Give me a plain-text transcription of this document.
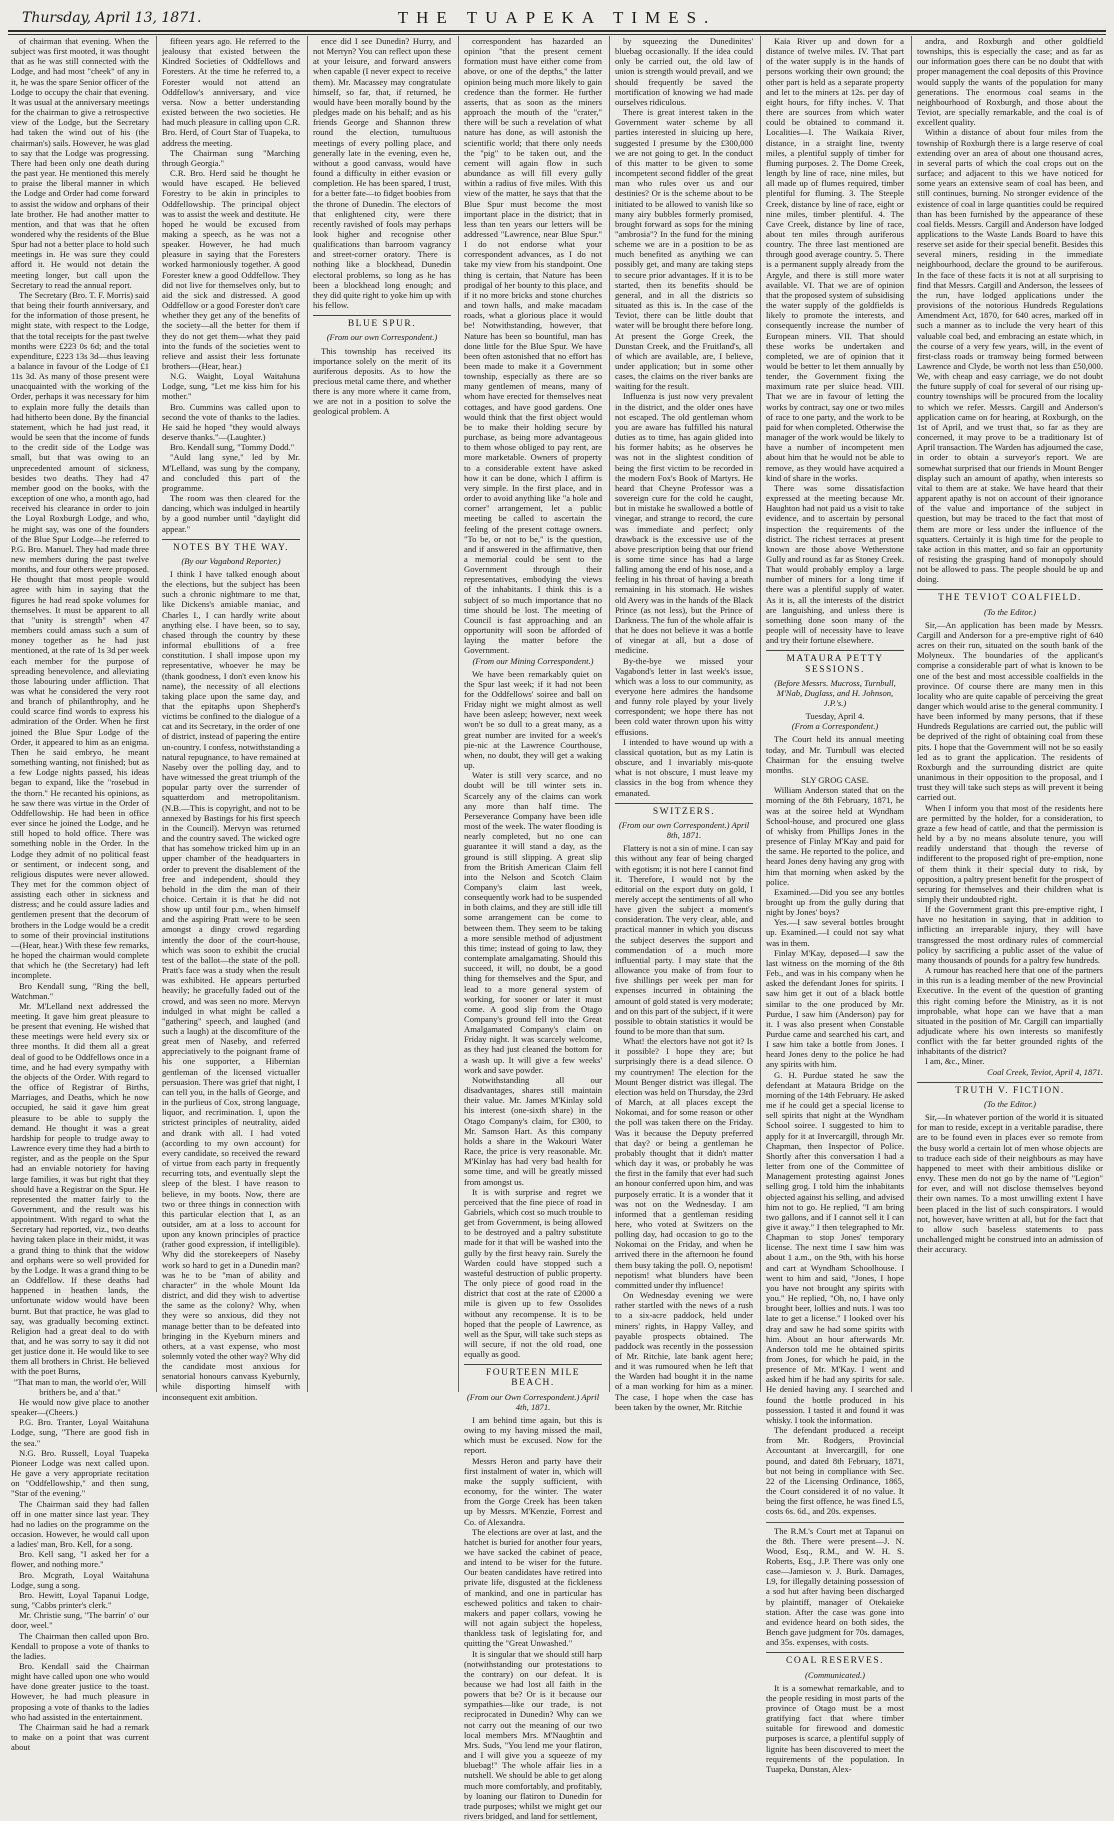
Thursday, April 13, 1871.	THE TUAPEKA TIMES.

of chairman that evening. When the subject was first mooted, it was thought that as he was still connected with the Lodge, and had most "cheek" of any in it, he was the spare Senior officer of the Lodge to occupy the chair that evening. It was usual at the anniversary meetings for the chairman to give a retrospective view of the Lodge, but the Secretary had taken the wind out of his (the chairman's) sails. However, he was glad to say that the Lodge was progressing. There had been only one death during the past year. He mentioned this merely to praise the liberal manner in which the Lodge and Order had come forward to assist the widow and orphans of their late brother. He had another matter to mention, and that was that he often wondered why the residents of the Blue Spur had not a better place to hold such meetings in. He was sure they could afford it. He would not detain the meeting longer, but call upon the Secretary to read the annual report.

The Secretary (Bro. T. F. Morris) said that being their fourth anniversary, and for the information of those present, he might state, with respect to the Lodge, that the total receipts for the past twelve months were £223 0s 6d; and the total expenditure, £223 13s 3d—thus leaving a balance in favour of the Lodge of £1 11s 3d. As many of those present were unacquainted with the working of the Order, perhaps it was necessary for him to explain more fully the details than had hitherto been done. By the financial statement, which he had just read, it would be seen that the income of funds to the credit side of the Lodge was small, but that was owing to an unprecedented amount of sickness, besides two deaths. They had 47 member good on the books, with the exception of one who, a month ago, had received his clearance in order to join the Loyal Roxburgh Lodge, and who, he might say, was one of the founders of the Blue Spur Lodge—he referred to P.G. Bro. Manuel. They had made three new members during the past twelve months, and four others were proposed. He thought that most people would agree with him in saying that the figures he had read spoke volumes for themselves. It must be apparent to all that "unity is strength" when 47 members could amass such a sum of money together as he had just mentioned, at the rate of 1s 3d per week each member for the purpose of spreading benevolence, and alleviating those labouring under affliction. That was what he considered the very root and branch of philanthrophy, and he could scarce find words to express his admiration of the Order. When he first joined the Blue Spur Lodge of the Order, it appeared to him as an enigma. Then he said embryo, he meant something wanting, not finished; but as a few Lodge nights passed, his ideas began to expand, like the "rosebud in the thorn." He recanted his opinions, as he saw there was virtue in the Order of Oddfellowship. He had been in office ever since he joined the Lodge, and he still hoped to hold office. There was something noble in the Order. In the Lodge they admit of no political feast or sentiment, or indecent song, and religious disputes were never allowed. They met for the common object of assisting each other in sickness and distress; and he could assure ladies and gentlemen present that the decorum of brothers in the Lodge would be a credit to some of their provincial institutions—(Hear, hear.) With these few remarks, he hoped the chairman would complete that which he (the Secretary) had left incomplete.

Bro Kendall sung, "Ring the bell, Watchman."

Mr. M'Lelland next addressed the meeting. It gave him great pleasure to be present that evening. He wished that these meetings were held every six or three months. It did them all a great deal of good to be Oddfellows once in a time, and he had every sympathy with the objects of the Order. With regard to the office of Registrar of Births, Marriages, and Deaths, which he now occupied, he said it gave him great pleasure to be able to supply the demand. He thought it was a great hardship for people to trudge away to Lawrence every time they had a birth to register, and as the people on the Spur had an enviable notoriety for having large families, it was but right that they should have a Registrar on the Spur. He represented the matter fairly to the Government, and the result was his appointment. With regard to what the Secretary had reported, viz., two deaths having taken place in their midst, it was a grand thing to think that the widow and orphans were so well provided for by the Lodge. It was a grand thing to be an Oddfellow. If these deaths had happened in heathen lands, the unfortunate widow would have been burnt. But that practice, he was glad to say, was gradually becoming extinct. Religion had a great deal to do with that, and he was sorry to say it did not get justice done it. He would like to see them all brothers in Christ. He believed with the poet Burns,

"That man to man, the world o'er, Will brithers be, and a' that."

He would now give place to another speaker—(Cheers.)

P.G. Bro. Tranter, Loyal Waitahuna Lodge, sung, "There are good fish in the sea."

N.G. Bro. Russell, Loyal Tuapeka Pioneer Lodge was next called upon. He gave a very appropriate recitation on "Oddfellowship," and then sung, "Star of the evening."

The Chairman said they had fallen off in one matter since last year. They had no ladies on the programme on the occasion. However, he would call upon a ladies' man, Bro. Kell, for a song.

Bro. Kell sang, "I asked her for a flower, and nothing more."

Bro. Mcgrath, Loyal Waitahuna Lodge, sung a song.

Bro. Hewitt, Loyal Tapanui Lodge, sung, "Cabbs printer's clerk."

Mr. Christie sung, "The barrin' o' our door, weel."

The Chairman then called upon Bro. Kendall to propose a vote of thanks to the ladies.

Bro. Kendall said the Chairman might have called upon one who would have done greater justice to the toast. However, he had much pleasure in proposing a vote of thanks to the ladies who had assisted in the entertainment.

The Chairman said he had a remark to make on a point that was current about

fifteen years ago. He referred to the jealousy that existed between the Kindred Societies of Oddfellows and Foresters. At the time he referred to, a Forester would not attend an Oddfellow's anniversary, and vice versa. Now a better understanding existed between the two societies. He had much pleasure in calling upon C.R. Bro. Herd, of Court Star of Tuapeka, to address the meeting.

The Chairman sung "Marching through Georgia."

C.R. Bro. Herd said he thought he would have escaped. He believed Forestry to be akin in principles to Oddfellowship. The principal object was to assist the week and destitute. He hoped he would be excused from making a speech, as he was not a speaker. However, he had much pleasure in saying that the Foresters worked harmoniously together. A good Forester knew a good Oddfellow. They did not live for themselves only, but to aid the sick and distressed. A good Oddfellow or a good Forester don't care whether they get any of the benefits of the society—all the better for them if they do not get them—what they paid into the funds of the societies went to relieve and assist their less fortunate brothers—(Hear, hear.)

N.G. Waight, Loyal Waitahuna Lodge, sung, "Let me kiss him for his mother."

Bro. Cummins was called upon to second the vote of thanks to the ladies. He said he hoped "they would always deserve thanks."—(Laughter.)

Bro. Kendall sung, "Tommy Dodd."

"Auld lang syne," led by Mr. M'Lelland, was sung by the company, and concluded this part of the programme.

The room was then cleared for the dancing, which was indulged in heartily by a good number until "daylight did appear."

NOTES BY THE WAY.
(By our Vagabond Reporter.)

I think I have talked enough about the elections, but the subject has been such a chronic nightmare to me that, like Dickens's amiable maniac, and Charles I., I can hardly write about anything else. I have been, so to say, chased through the country by these informal ebullitions of a free constitution. I shall impose upon my representative, whoever he may be (thank goodness, I don't even know his name), the necessity of all elections taking place upon the same day, and that the epitaphs upon Shepherd's victims be confined to the dialogue of a cat and its Secretary, in the order of one of district, instead of papering the entire un-country. I confess, notwithstanding a natural repugnance, to have remained at Naseby over the polling day, and to have witnessed the great triumph of the popular party over the surrender of squatterdom and metropolitanism. (N.B.—This is copyright, and not to be annexed by Bastings for his first speech in the Council). Mervyn was returned and the country saved. The wicked ogre that has somehow tricked him up in an upper chamber of the headquarters in order to prevent the disablement of the free and independent, should they behold in the dim the man of their choice. Certain it is that he did not show up until four p.m., when himself and the aspiring Pratt were to be seen amongst a dingy crowd regarding intently the door of the court-house, which was soon to exhibit the crucial test of the ballot—the state of the poll. Pratt's face was a study when the result was exhibited. He appears perturbed heavily; he gracefully faded out of the crowd, and was seen no more. Mervyn indulged in what might be called a "gathering" speech, and laughed (and such a laugh) at the discomfiture of the great men of Naseby, and referred appreciatively to the poignant frame of his one supporter, a Hibernian gentleman of the licensed victualler persuasion. There was grief that night, I can tell you, in the halls of George, and in the purlieus of Cox, strong language, liquor, and recrimination. I, upon the strictest principles of neutrality, aided and drank with all. I had voted (according to my own account) for every candidate, so received the reward of virtue from each party in frequently recurring tots, and eventually slept the sleep of the blest. I have reason to believe, in my boots. Now, there are two or three things in connection with this particular election that I, as an outsider, am at a loss to account for upon any known principles of practice (rather good expression, if intelligible). Why did the storekeepers of Naseby work so hard to get in a Dunedin man? was he to be "man of ability and character" in the whole Mount Ida district, and did they wish to advertise the same as the colony? Why, when they were so anxious, did they not manage better than to be defeated into bringing in the Kyeburn miners and others, at a vast expense, who most solemnly voted the other way? Why did the candidate most anxious for senatorial honours canvass Kyeburnly, while disporting himself with inconsequent exit ambition.

ence did I see Dunedin? Hurry, and not Merryn? You can reflect upon these at your leisure, and forward answers when capable (I never expect to receive them). Mr. Macassey may congratulate himself, so far, that, if returned, he would have been morally bound by the pledges made on his behalf; and as his friends George and Shannon threw round the election, tumultuous meetings of every polling place, and generally late in the evening, even he, without a good canvass, would have found a difficulty in either evasion or completion. He has been spared, I trust, for a better fate—to fidget boobies from the throne of Dunedin. The electors of that enlightened city, were there recently ravished of fools may perhaps look higher and recognise other qualifications than barroom vagrancy and street-corner oratory. There is nothing like a blockhead, Dunedin electoral problems, so long as he has been a blockhead long enough; and they did quite right to yoke him up with his fellow.

BLUE SPUR.
(From our own Correspondent.)

This township has received its importance solely on the merit of its auriferous deposits. As to how the precious metal came there, and whether there is any more where it came from, we are not in a position to solve the geological problem. A

correspondent has hazarded an opinion "that the present cement formation must have either come from above, or one of the depths," the latter opinion being much more likely to gain credence than the former. He further asserts, that as soon as the miners approach the mouth of the "crater," there will be such a revelation of what nature has done, as will astonish the scientific world; that there only needs the "pig" to be taken out, and the cement will again flow in such abundance as will fill every gully within a radius of five miles. With this view of the matter, he says that that the Blue Spur must become the most important place in the district; that in less than ten years our letters will be addressed "Lawrence, near Blue Spur." I do not endorse what your correspondent advances, as I do not take my view from his standpoint. One thing is certain, that Nature has been prodigal of her bounty to this place, and if it no more bricks and stone churches and town halls, and make macadam roads, what a glorious place it would be! Notwithstanding, however, that Nature has been so bountiful, man has done little for the Blue Spur. We have been often astonished that no effort has been made to make it a Government township, especially as there are so many gentlemen of means, many of whom have erected for themselves neat cottages, and have good gardens. One would think that the first object would be to make their holding secure by purchase, as being more advantageous to them whose obliged to pay rent, are more marketable. Owners of property to a considerable extent have asked how it can be done, which I affirm is very simple. In the first place, and in order to avoid anything like "a hole and corner" arrangement, let a public meeting be called to ascertain the feeling of the present cottage owners. "To be, or not to be," is the question, and if answered in the affirmative, then a memorial could be sent to the Government through their representatives, embodying the views of the inhabitants. I think this is a subject of so much importance that no time should be lost. The meeting of Council is fast approaching and an opportunity will soon be afforded of laying the matter before the Government.

(From our Mining Correspondent.)

We have been remarkably quiet on the Spur last week; if it had not been for the Oddfellows' soiree and ball on Friday night we might almost as well have been asleep; however, next week won't be so dull to a great many, as a great number are invited for a week's pie-nic at the Lawrence Courthouse, when, no doubt, they will get a waking up.

Water is still very scarce, and no doubt will be till winter sets in. Scarcely any of the claims can work any more than half time. The Perseverance Company have been idle most of the week. The water flooding is nearly completed, but no one can guarantee it will stand a day, as the ground is still slipping. A great slip from the British American Claim fell into the Nelson and Scotch Claim Company's claim last week, consequently work had to be suspended in both claims, and they are still idle till some arrangement can be come to between them. They seem to be taking a more sensible method of adjustment this time; instead of going to law, they contemplate amalgamating. Should this succeed, it will, no doubt, be a good thing for themselves and the Spur, and lead to a more general system of working, for sooner or later it must come. A good slip from the Otago Company's ground fell into the Great Amalgamated Company's claim on Friday night. It was scarcely welcome, as they had just cleaned the bottom for a wash up. It will give a few weeks' work and save powder.

Notwithstanding all our disadvantages, shares still maintain their value. Mr. James M'Kinlay sold his interest (one-sixth share) in the Otago Company's claim, for £300, to Mr. Samson Hart. As this company holds a share in the Wakouri Water Race, the price is very reasonable. Mr. M'Kinlay has had very bad health for some time, and will be greatly missed from amongst us.

It is with surprise and regret we perceived that the fine piece of road in Gabriels, which cost so much trouble to get from Government, is being allowed to be destroyed and a paltry substitute made for it that will be washed into the gully by the first heavy rain. Surely the Warden could have stopped such a wasteful destruction of public property. The only piece of good road in the district that cost at the rate of £2000 a mile is given up to few Ossolides without any recompense. It is to be hoped that the people of Lawrence, as well as the Spur, will take such steps as will secure, if not the old road, one equally as good.

FOURTEEN MILE BEACH.
(From our Own Correspondent.) April 4th, 1871.

I am behind time again, but this is owing to my having missed the mail, which must be excused. Now for the report.

Messrs Heron and party have their first instalment of water in, which will make the supply sufficient, with economy, for the winter. The water from the Gorge Creek has been taken up by Messrs. M'Kenzie, Forrest and Co. of Alexandra.

The elections are over at last, and the hatchet is buried for another four years, we have sacked the cabinet of peace, and intend to be wiser for the future. Our beaten candidates have retired into private life, disgusted at the fickleness of mankind, and one in particular has eschewed politics and taken to chair-makers and paper collars, vowing he will not again subject the hopeless, thankless task of legislating for, and quitting the "Great Unwashed."

It is singular that we should still harp (notwithstanding our protestations to the contrary) on our defeat. It is because we had lost all faith in the powers that be? Or is it because our sympathies—like our trade, is not reciprocated in Dunedin? Why can we not carry out the meaning of our two local members Mrs. M'Naughtin and Mrs. Suds, "You lend me your flatiron, and I will give you a squeeze of my bluebag!" The whole affair lies in a nutshell. We should be able to get along much more comfortably, and profitably, by loaning our flatiron to Dunedin for trade purposes; whilst we might get our rivers bridged, and land for settlement,

by squeezing the Dunedinites' bluebag occasionally. If the idea could only be carried out, the old law of union is strength would prevail, and we should frequently be saved the mortification of knowing we had made ourselves ridiculous.

There is great interest taken in the Government water scheme by all parties interested in sluicing up here, suggested I presume by the £300,000 we are not going to get. In the conduct of this matter to be given to some incompetent second fiddler of the great man who rules over us and our destinies? Or is the scheme about to be initiated to be allowed to vanish like so many airy bubbles formerly promised, brought forward as sops for the mining "ambrosia"? In the fund for the mining scheme we are in a position to be as much benefited as anything we can possibly get, and many are taking steps to secure prior advantages. If it is to be started, then its benefits should be general, and in all the districts so situated as this is. In the case of the Teviot, there can be little doubt that water will be brought there before long. At present the Gorge Creek, the Dunstan Creek, and the Fruitland's, all of which are available, are, I believe, under application; but in some other cases, the claims on the river banks are waiting for the result.

Influenza is just now very prevalent in the district, and the older ones have not escaped. The old gentleman whom you are aware has fulfilled his natural duties as to time, has again glided into his former habits; as he observes he was not in the slightest condition of being the first victim to be recorded in the modern Fox's Book of Martyrs. He heard that Cheyne Professor was a sovereign cure for the cold he caught, but in mistake he swallowed a bottle of vinegar, and strange to record, the cure was immediate and perfect; only drawback is the excessive use of the above prescription being that our friend is some time since has had a large falling among the end of his nose, and a feeling in his throat of having a breath remaining in his stomach. He wishes old Avery was in the hands of the Black Prince (as not less), but the Prince of Darkness. The fun of the whole affair is that he does not believe it was a bottle of vinegar at all, but a dose of medicine.

By-the-bye we missed your Vagabond's letter in last week's issue, which was a loss to our community, as everyone here admires the handsome and funny role played by your lively correspondent; we hope there has not been cold water thrown upon his witty effusions.

I intended to have wound up with a classical quotation, but as my Latin is obscure, and I invariably mis-quote what is not obscure, I must leave my classics in the bog from whence they emanated.

SWITZERS.
(From our own Correspondent.) April 8th, 1871.

Flattery is not a sin of mine. I can say this without any fear of being charged with egotism; it is not here I cannot find it. Therefore, I would not by the editorial on the export duty on gold, I merely accept the sentiments of all who have given the subject a moment's consideration. The very clear, able, and practical manner in which you discuss the subject deserves the support and commendation of a much more influential party. I may state that the allowance you make of from four to five shillings per week per man for expenses incurred in obtaining the amount of gold stated is very moderate; and on this part of the subject, if it were possible to obtain statistics it would be found to be more than that sum.

What! the electors have not got it? Is it possible? I hope they are; but surprisingly there is a dead silence. O my countrymen! The election for the Mount Benger district was illegal. The election was held on Thursday, the 23rd of March, at all places except the Nokomai, and for some reason or other the poll was taken there on the Friday. Was it because the Deputy preferred that day? or being a gentleman he probably thought that it didn't matter which day it was, or probably he was the first in the family that ever had such an honour conferred upon him, and was purposely erratic. It is a wonder that it was not on the Wednesday. I am informed that a gentleman residing here, who voted at Switzers on the polling day, had occasion to go to the Nokomai on the Friday, and when he arrived there in the afternoon he found them busy taking the poll. O, nepotism! nepotism! what blunders have been committed under thy influence!

On Wednesday evening we were rather startled with the news of a rush to a six-acre paddock, held under miners' rights, in Happy Valley, and payable prospects obtained. The paddock was recently in the possession of Mr. Ritchie, late bank agent here; and it was rumoured when he left that the Warden had bought it in the name of a man working for him as a miner. The case, I hope when the case has been taken by the owner, Mr. Ritchie

Kaia River up and down for a distance of twelve miles. IV. That part of the water supply is in the hands of persons working their own ground; the other part is held as a separate property and let to the miners at 12s. per day of eight hours, for fifty inches. V. That there are sources from which water could be obtained to command it. Localities—I. The Waikaia River, distance, in a straight line, twenty miles, a plentiful supply of timber for fluming purposes. 2. The Dome Creek, length by line of race, nine miles, but all made up of flumes required, timber plentiful for fluming. 3. The Steeple Creek, distance by line of race, eight or nine miles, timber plentiful. 4. The Cave Creek, distance by line of race, about ten miles through auriferous country. The three last mentioned are through good average country. 5. There is a permanent supply already from the Argyle, and there is still more water available. VI. That we are of opinion that the proposed system of subsidising the water supply of the goldfields is likely to promote the interests, and consequently increase the number of European miners. VII. That should these works be undertaken and completed, we are of opinion that it would be better to let them annually by tender, the Government fixing the maximum rate per sluice head. VIII. That we are in favour of letting the works by contract, say one or two miles of race to one party, and the work to be paid for when completed. Otherwise the manager of the work would be likely to have a number of incompetent men about him that he would not be able to remove, as they would have acquired a kind of share in the works.

There was some dissatisfaction expressed at the meeting because Mr. Haughton had not paid us a visit to take evidence, and to ascertain by personal inspection the requirements of the district. The richest terraces at present known are those above Wetherstone Gully and round as far as Stoney Creek. That would probably employ a large number of miners for a long time if there was a plentiful supply of water. As it is, all the interests of the district are languishing, and unless there is something done soon many of the people will of necessity have to leave and try their fortune elsewhere.

MATAURA PETTY SESSIONS.
(Before Messrs. Mucross, Turnbull, M'Nab, Duglass, and H. Johnson, J.P.'s.)

Tuesday, April 4.

(From a Correspondent.)

The Court held its annual meeting today, and Mr. Turnbull was elected Chairman for the ensuing twelve months.

SLY GROG CASE.

William Anderson stated that on the morning of the 8th February, 1871, he was at the soiree held at Wyndham School-house, and procured one glass of whisky from Phillips Jones in the presence of Finlay M'Kay and paid for the same. He reported to the police, and heard Jones deny having any grog with him that morning when asked by the police.

Examined.—Did you see any bottles brought up from the gully during that night by Jones' boys?

Yes.—I saw several bottles brought up. Examined.—I could not say what was in them.

Finlay M'Kay, deposed—I saw the last witness on the morning of the 8th Feb., and was in his company when he asked the defendant Jones for spirits. I saw him get it out of a black bottle similar to the one produced by Mr. Purdue, I saw him (Anderson) pay for it. I was also present when Constable Purdue came and searched his cart, and I saw him take a bottle from Jones. I heard Jones deny to the police he had any spirits with him.

G. H. Purdue stated he saw the defendant at Mataura Bridge on the morning of the 14th February. He asked me if he could get a special license to sell spirits that night at the Wyndham School soiree. I suggested to him to apply for it at Invercargill, through Mr. Chapman, then Inspector of Police. Shortly after this conversation I had a letter from one of the Committee of Management protesting against Jones selling grog. I told him the inhabitants objected against his selling, and advised him not to go. He replied, "I am bring two gallons, and if I cannot sell it I can give it away." I then telegraphed to Mr. Chapman to stop Jones' temporary license. The next time I saw him was about 1 a.m., on the 9th, with his horse and cart at Wyndham Schoolhouse. I went to him and said, "Jones, I hope you have not brought any spirits with you." He replied, "Oh, no, I have only brought beer, lollies and nuts. I was too late to get a license." I looked over his dray and saw he had some spirits with him. About an hour afterwards Mr. Anderson told me he obtained spirits from Jones, for which he paid, in the presence of Mr. M'Kay. I went and asked him if he had any spirits for sale. He denied having any. I searched and found the bottle produced in his possession. I tasted it and found it was whisky. I took the information.

The defendant produced a receipt from Mr. Rodgers, Provincial Accountant at Invercargill, for one pound, and dated 8th February, 1871, but not being in compliance with Sec. 22 of the Licensing Ordinance, 1865, the Court considered it of no value. It being the first offence, he was fined L5, costs 6s. 6d., and 20s. expenses.

The R.M.'s Court met at Tapanui on the 8th. There were present—J. N. Wood, Esq., R.M., and W. H. S. Roberts, Esq., J.P. There was only one case—Jamieson v. J. Burk. Damages, L9, for illegally detaining possession of a sod hut after having been discharged by plaintiff, manager of Otekaieke station. After the case was gone into and evidence heard on both sides, the Bench gave judgment for 70s. damages, and 35s. expenses, with costs.

COAL RESERVES.
(Communicated.)

It is a somewhat remarkable, and to the people residing in most parts of the province of Otago must be a most gratifying fact that where timber suitable for firewood and domestic purposes is scarce, a plentiful supply of lignite has been discovered to meet the requirements of the population. In Tuapeka, Dunstan, Alex-

andra, and Roxburgh and other goldfield townships, this is especially the case; and as far as our information goes there can be no doubt that with proper management the coal deposits of this Province would supply the wants of the population for many generations. The enormous coal seams in the neighbourhood of Roxburgh, and those about the Teviot, are specially remarkable, and the coal is of excellent quality.

Within a distance of about four miles from the township of Roxburgh there is a large reserve of coal extending over an area of about one thousand acres, in several parts of which the coal crops out on the surface; and adjacent to this we have noticed for some years an extensive seam of coal has been, and still continues, burning. No stronger evidence of the existence of coal in large quantities could be required than has been furnished by the appearance of these coal fields. Messrs. Cargill and Anderson have lodged applications to the Waste Lands Board to have this reserve set aside for their special benefit. Besides this several miners, residing in the immediate neighbourhood, declare the ground to be auriferous. In the face of these facts it is not at all surprising to find that Messrs. Cargill and Anderson, the lessees of the run, have lodged applications under the provisions of the notorious Hundreds Regulations Amendment Act, 1870, for 640 acres, marked off in such a manner as to include the very heart of this valuable coal bed, and embracing an estate which, in the course of a very few years, will, in the event of first-class roads or tramway being formed between Lawrence and Clyde, be worth not less than £50,000. We, with cheap and easy carriage, we do not doubt the future supply of coal for several of our rising up-country townships will be procured from the locality to which we refer. Messrs. Cargill and Anderson's application came on for hearing, at Roxburgh, on the 1st of April, and we trust that, so far as they are concerned, it may prove to be a traditionary Ist of April transaction. The Warden has adjourned the case, in order to obtain a surveyor's report. We are somewhat surprised that our friends in Mount Benger display such an amount of apathy, when interests so vital to them are at stake. We have heard that their apparent apathy is not on account of their ignorance of the value and importance of the subject in question, but may be traced to the fact that most of them are more or less under the influence of the squatters. Certainly it is high time for the people to take action in this matter, and so fair an opportunity of resisting the grasping hand of monopoly should not be allowed to pass. The people should be up and doing.

THE TEVIOT COALFIELD.
(To the Editor.)

Sir,—An application has been made by Messrs. Cargill and Anderson for a pre-emptive right of 640 acres on their run, situated on the south bank of the Molyneux. The boundaries of the applicant's comprise a considerable part of what is known to be one of the best and most accessible coalfields in the province. Of course there are many men in this locality who are quite capable of perceiving the great danger which would arise to the general community. I have been informed by many persons, that if these Hundreds Regulations are carried out, the public will be deprived of the right of obtaining coal from these pits. I hope that the Government will not be so easily led as to grant the application. The residents of Roxburgh and the surrounding district are quite unanimous in their opposition to the proposal, and I trust they will take such steps as will prevent it being carried out.

When I inform you that most of the residents here are permitted by the holder, for a consideration, to graze a few head of cattle, and that the permission is held by a by no means absolute tenure, you will readily understand that though the reverse of indifferent to the proposed right of pre-emption, none of them think it their special duty to risk, by opposition, a paltry present benefit for the prospect of securing for themselves and their children what is simply their undoubted right.

If the Government grant this pre-emptive right, I have no hesitation in saying, that in addition to inflicting an irreparable injury, they will have transgressed the most ordinary rules of commercial policy by sacrificing a public asset of the value of many thousands of pounds for a paltry few hundreds.

A rumour has reached here that one of the partners in this run is a leading member of the new Provincial Executive. In the event of the question of granting this right coming before the Ministry, as it is not improbable, what hope can we have that a man situated in the position of Mr. Cargill can impartially adjudicate where his own interests so manifestly conflict with the far better grounded rights of the inhabitants of the district?

I am, &c., Miner.

Coal Creek, Teviot, April 4, 1871.

TRUTH V. FICTION.
(To the Editor.)

Sir,—In whatever portion of the world it is situated for man to reside, except in a veritable paradise, there are to be found even in places ever so remote from the busy world a certain lot of men whose objects are to traduce each side of their neighbours as may have happened to meet with their ambitious dislike or envy. These men do not go by the name of "Legion" for ever, and will not disclose themselves beyond their own names. To a most unwilling extent I have been placed in the list of such conspirators. I would not, however, have written at all, but for the fact that to allow such baseless statements to pass unchallenged might be construed into an admission of their accuracy.
